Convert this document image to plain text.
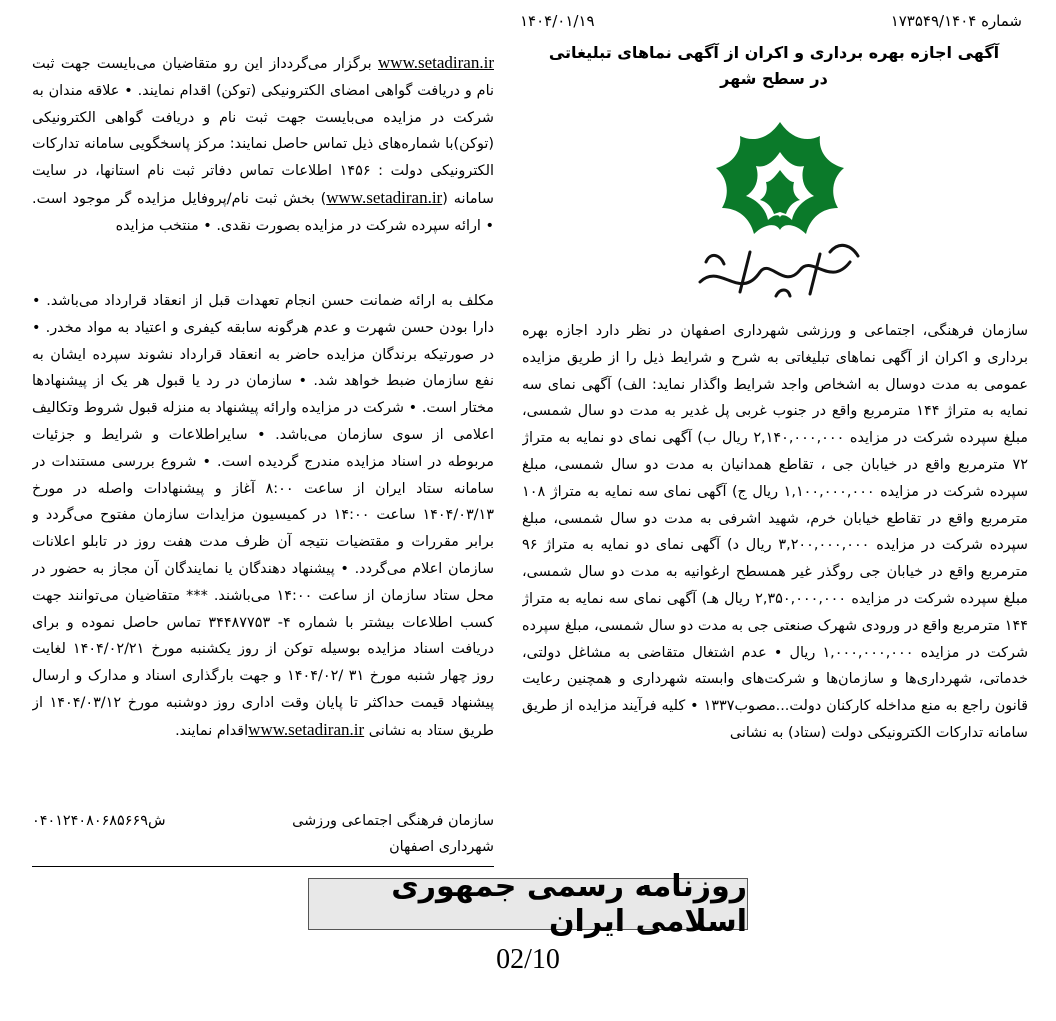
شماره ۱۷۳۵۴۹/۱۴۰۴
۱۴۰۴/۰۱/۱۹
آگهی اجازه بهره برداری و اکران از آگهی نماهای تبلیغاتی
در سطح شهر
سازمان فرهنگی، اجتماعی و ورزشی شهرداری اصفهان در نظر دارد اجازه بهره برداری و اکران از آگهی نماهای تبلیغاتی به شرح و شرایط ذیل را از طریق مزایده عمومی به مدت دوسال به اشخاص واجد شرایط واگذار نماید: الف) آگهی نمای سه نمایه به متراژ ۱۴۴ مترمربع واقع در جنوب غربی پل غدیر به مدت دو سال شمسی، مبلغ سپرده شرکت در مزایده ۲,۱۴۰,۰۰۰,۰۰۰ ریال ب) آگهی نمای دو نمایه به متراژ ۷۲ مترمربع واقع در خیابان جی ، تقاطع همدانیان به مدت دو سال شمسی، مبلغ سپرده شرکت در مزایده ۱,۱۰۰,۰۰۰,۰۰۰ ریال ج) آگهی نمای سه نمایه به متراژ ۱۰۸ مترمربع واقع در تقاطع خیابان خرم، شهید اشرفی به مدت دو سال شمسی، مبلغ سپرده شرکت در مزایده ۳,۲۰۰,۰۰۰,۰۰۰ ریال د) آگهی نمای دو نمایه به متراژ ۹۶ مترمربع واقع در خیابان جی روگذر غیر همسطح ارغوانیه به مدت دو سال شمسی، مبلغ سپرده شرکت در مزایده ۲,۳۵۰,۰۰۰,۰۰۰ ریال هـ) آگهی نمای سه نمایه به متراژ ۱۴۴ مترمربع واقع در ورودی شهرک صنعتی جی به مدت دو سال شمسی، مبلغ سپرده شرکت در مزایده ۱,۰۰۰,۰۰۰,۰۰۰ ریال • عدم اشتغال متقاضی به مشاغل دولتی، خدماتی، شهرداری‌ها و سازمان‌ها و شرکت‌های وابسته شهرداری و همچنین رعایت قانون راجع به منع مداخله کارکنان دولت...مصوب۱۳۳۷ • کلیه فرآیند مزایده از طریق سامانه تدارکات الکترونیکی دولت (ستاد) به نشانی
www.setadiran.ir برگزار می‌گردداز این رو متقاضیان می‌بایست جهت ثبت نام و دریافت گواهی امضای الکترونیکی (توکن) اقدام نمایند. • علاقه مندان به شرکت در مزایده می‌بایست جهت ثبت نام و دریافت گواهی الکترونیکی (توکن)با شماره‌های ذیل تماس حاصل نمایند: مرکز پاسخگویی سامانه تدارکات الکترونیکی دولت : ۱۴۵۶ اطلاعات تماس دفاتر ثبت نام استانها، در سایت سامانه (www.setadiran.ir) بخش ثبت نام/پروفایل مزایده گر موجود است. • ارائه سپرده شرکت در مزایده بصورت نقدی. • منتخب مزایده
مکلف به ارائه ضمانت حسن انجام تعهدات قبل از انعقاد قرارداد می‌باشد. • دارا بودن حسن شهرت و عدم هرگونه سابقه کیفری و اعتیاد به مواد مخدر. • در صورتیکه برندگان مزایده حاضر به انعقاد قرارداد نشوند سپرده ایشان به نفع سازمان ضبط خواهد شد. • سازمان در رد یا قبول هر یک از پیشنهادها مختار است. • شرکت در مزایده وارائه پیشنهاد به منزله قبول شروط وتکالیف اعلامی از سوی سازمان می‌باشد. • سایراطلاعات و شرایط و جزئیات مربوطه در اسناد مزایده مندرج گردیده است. • شروع بررسی مستندات در سامانه ستاد ایران از ساعت ۸:۰۰ آغاز و پیشنهادات واصله در مورخ ۱۴۰۴/۰۳/۱۳ ساعت ۱۴:۰۰ در کمیسیون مزایدات سازمان مفتوح می‌گردد و برابر مقررات و مقتضیات نتیجه آن ظرف مدت هفت روز در تابلو اعلانات سازمان اعلام می‌گردد. • پیشنهاد دهندگان یا نمایندگان آن مجاز به حضور در محل ستاد سازمان از ساعت ۱۴:۰۰ می‌باشند. *** متقاضیان می‌توانند جهت کسب اطلاعات بیشتر با شماره ۴- ۳۴۴۸۷۷۵۳ تماس حاصل نموده و برای دریافت اسناد مزایده بوسیله توکن از روز یکشنبه مورخ ۱۴۰۴/۰۲/۲۱ لغایت روز چهار شنبه مورخ ۳۱ /۱۴۰۴/۰۲ و جهت بارگذاری اسناد و مدارک و ارسال پیشنهاد قیمت حداکثر تا پایان وقت اداری روز دوشنبه مورخ ۱۴۰۴/۰۳/۱۲ از طریق ستاد به نشانی www.setadiran.irاقدام نمایند.
سازمان فرهنگی اجتماعی ورزشی
شهرداری اصفهان
ش۰۴۰۱۲۴۰۸۰۶۸۵۶۶۹
روزنامه رسمی جمهوری اسلامی ایران
02/10
